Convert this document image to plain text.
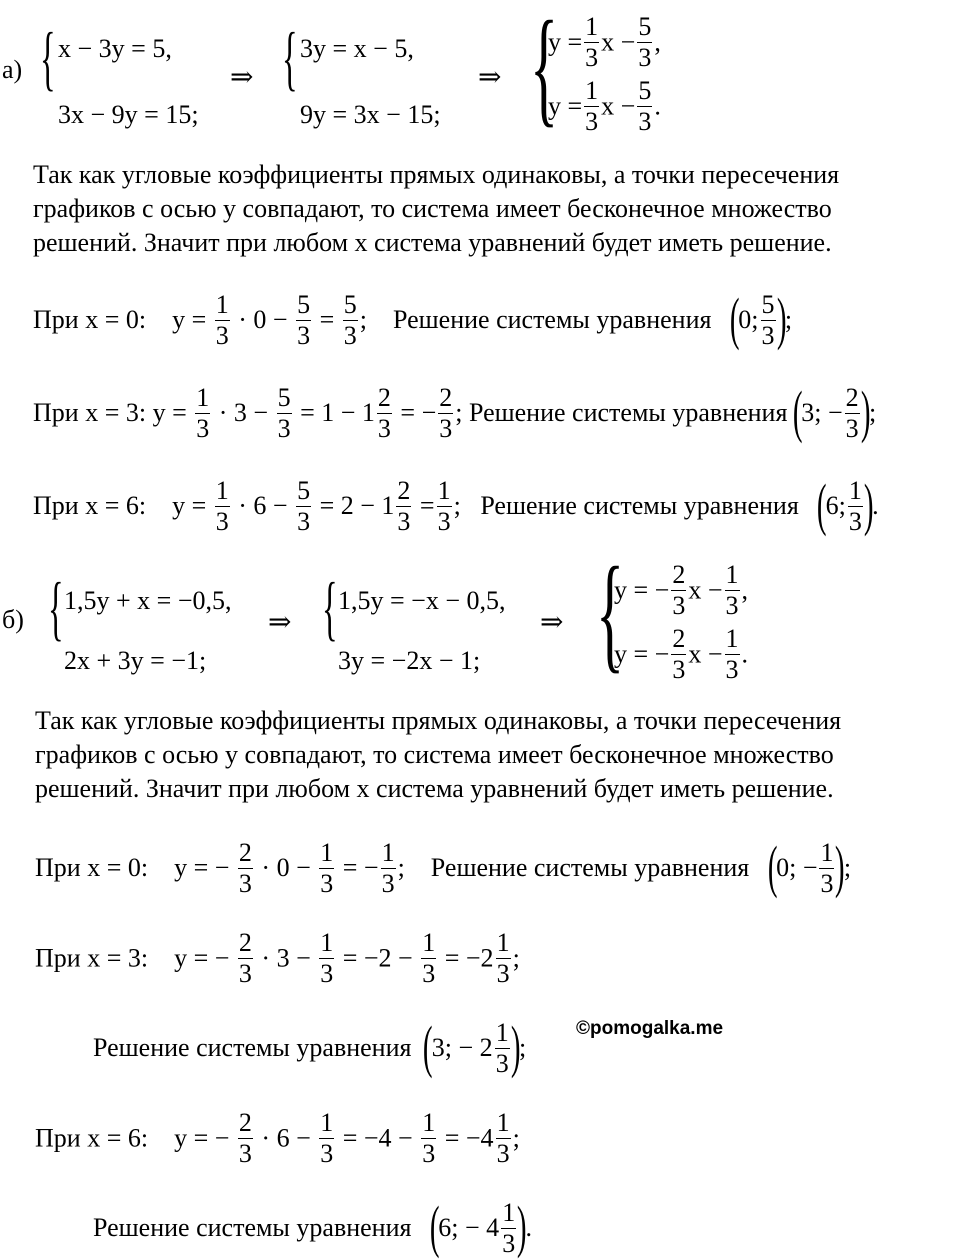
а) { x − 3y = 5,
3x − 9y = 15;
⇒ { 3y = x − 5,
9y = 3x − 15;
⇒ {
$y = \frac{1}{3}$ $x - \frac{5}{3}$ ,
$y = \frac{1}{3}$ $x - \frac{5}{3}$ .
Так как угловые коэффициенты прямых одинаковы, а точки пересечения
графиков с осью y совпадают, то система имеет бесконечное множество
решений. Значит при любом x система уравнений будет иметь решение.
При x = 0: $y = \frac{1}{3} \cdot 0 - \frac{5}{3} = \frac{5}{3}$ ; Решение системы уравнения (0; $\frac{5}{3}$ );
При x = 3: $y = \frac{1}{3} \cdot 3 - \frac{5}{3} = 1 - 1 \frac{2}{3}$ = − $\frac{2}{3}$ ; Решение системы уравнения (3; − $\frac{2}{3}$ );
При x = 6: $y = \frac{1}{3} \cdot 6 - \frac{5}{3} = 2 - 1 \frac{2}{3} = \frac{1}{3}$ ; Решение системы уравнения (6; $\frac{1}{3}$ ).
б) { 1,5y + x = −0,5,
2x + 3y = −1;
⇒ { 1,5y = −x − 0,5,
3y = −2x − 1;
⇒ {
y = − $\frac{2}{3}$ $x - \frac{1}{3}$ ,
y = − $\frac{2}{3}$ $x - \frac{1}{3}$ .
Так как угловые коэффициенты прямых одинаковы, а точки пересечения
графиков с осью y совпадают, то система имеет бесконечное множество
решений. Значит при любом x система уравнений будет иметь решение.
При x = 0: y = − $\frac{2}{3} \cdot 0 - \frac{1}{3}$ = − $\frac{1}{3}$ ; Решение системы уравнения (0; − $\frac{1}{3}$ );
При x = 3: y = − $\frac{2}{3} \cdot 3 - \frac{1}{3} = -2 - \frac{1}{3} = -2 \frac{1}{3}$ ;
Решение системы уравнения (3; − $2 \frac{1}{3}$ );
©pomogalka.me
При x = 6: y = − $\frac{2}{3} \cdot 6 - \frac{1}{3} = -4 - \frac{1}{3} = -4 \frac{1}{3}$ ;
Решение системы уравнения (6; − $4 \frac{1}{3}$ ).
